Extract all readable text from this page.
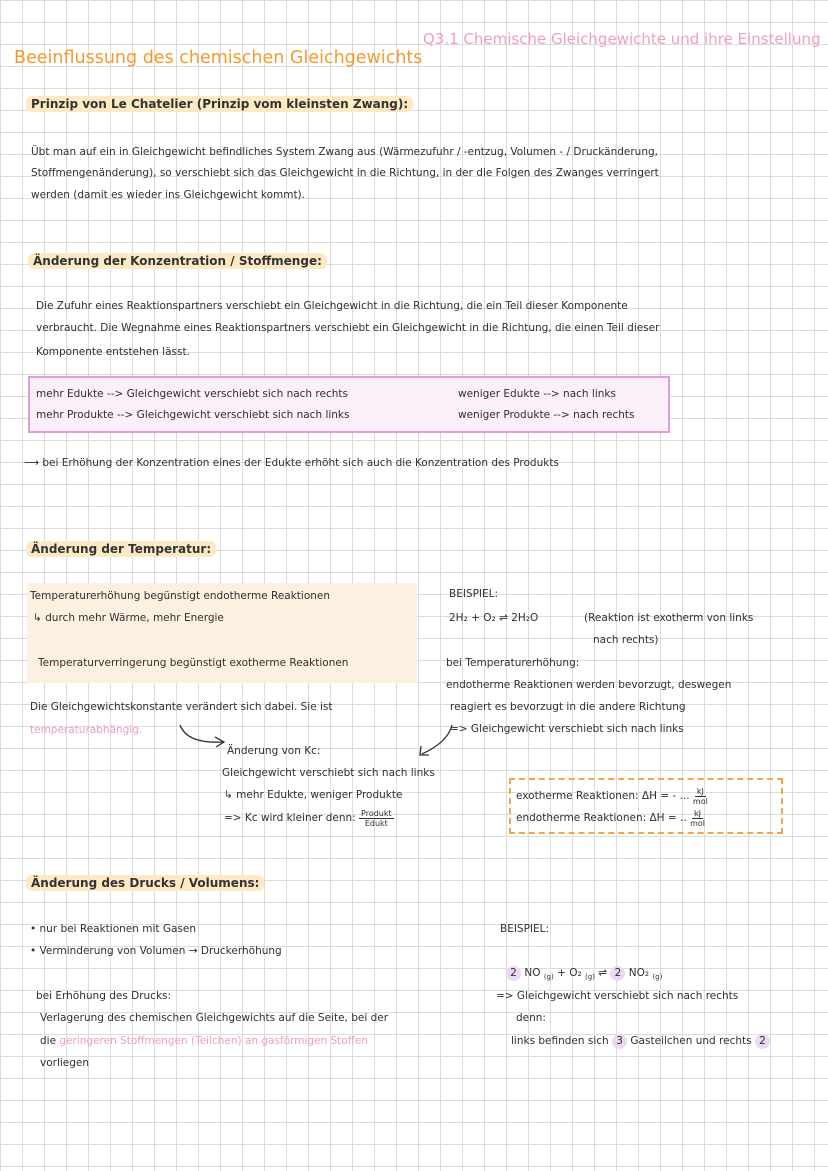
Q3.1 Chemische Gleichgewichte und ihre Einstellung
Beeinflussung des chemischen Gleichgewichts
Prinzip von Le Chatelier (Prinzip vom kleinsten Zwang):
Übt man auf ein in Gleichgewicht befindliches System Zwang aus (Wärmezufuhr / -entzug, Volumen - / Druckänderung,
Stoffmengenänderung), so verschiebt sich das Gleichgewicht in die Richtung, in der die Folgen des Zwanges verringert
werden (damit es wieder ins Gleichgewicht kommt).
Änderung der Konzentration / Stoffmenge:
Die Zufuhr eines Reaktionspartners verschiebt ein Gleichgewicht in die Richtung, die ein Teil dieser Komponente
verbraucht. Die Wegnahme eines Reaktionspartners verschiebt ein Gleichgewicht in die Richtung, die einen Teil dieser
Komponente entstehen lässt.
mehr Edukte --> Gleichgewicht verschiebt sich nach rechts
mehr Produkte --> Gleichgewicht verschiebt sich nach links
weniger Edukte --> nach links
weniger Produkte --> nach rechts
⟶ bei Erhöhung der Konzentration eines der Edukte erhöht sich auch die Konzentration des Produkts
Änderung der Temperatur:
Temperaturerhöhung begünstigt endotherme Reaktionen
↳ durch mehr Wärme, mehr Energie
Temperaturverringerung begünstigt exotherme Reaktionen
Die Gleichgewichtskonstante verändert sich dabei. Sie ist
temperaturabhängig.
Änderung von Kc:
Gleichgewicht verschiebt sich nach links
↳ mehr Edukte, weniger Produkte
=> Kc wird kleiner denn: $\frac{\text{Produkt}}{\text{Edukt}}$
BEISPIEL:
2H₂ + O₂ ⇌ 2H₂O	(Reaktion ist exotherm von links
nach rechts)
bei Temperaturerhöhung:
endotherme Reaktionen werden bevorzugt, deswegen
reagiert es bevorzugt in die andere Richtung
=> Gleichgewicht verschiebt sich nach links
exotherme Reaktionen: ΔH = - ... $\frac{kJ}{\text{mol}}$
endotherme Reaktionen: ΔH = .. $\frac{kJ}{\text{mol}}$
Änderung des Drucks / Volumens:
• nur bei Reaktionen mit Gasen
• Verminderung von Volumen → Druckerhöhung
bei Erhöhung des Drucks:
Verlagerung des chemischen Gleichgewichts auf die Seite, bei der
die geringeren Stoffmengen (Teilchen) an gasförmigen Stoffen
vorliegen
BEISPIEL:
2 NO $_{(g)}$ + O₂ $_{(g)}$ ⇌ 2 NO₂ $_{(g)}$
=> Gleichgewicht verschiebt sich nach rechts
denn:
links befinden sich 3 Gasteilchen und rechts 2
